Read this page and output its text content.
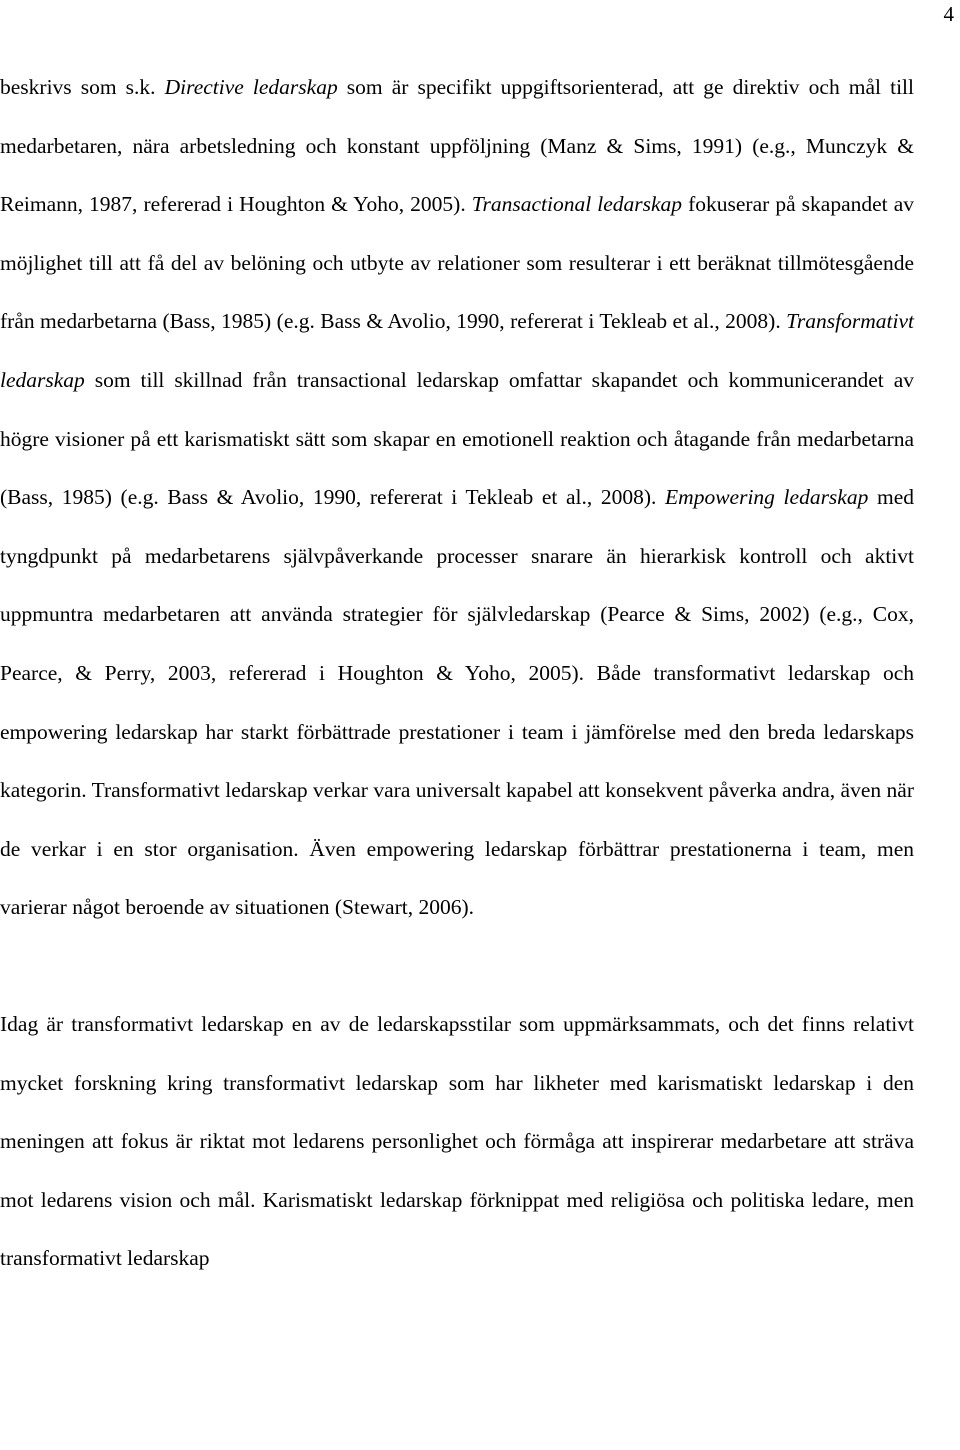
4

beskrivs som s.k. Directive ledarskap som är specifikt uppgiftsorienterad, att ge direktiv och mål till medarbetaren, nära arbetsledning och konstant uppföljning (Manz & Sims, 1991) (e.g., Munczyk & Reimann, 1987, refererad i Houghton & Yoho, 2005). Transactional ledarskap fokuserar på skapandet av möjlighet till att få del av belöning och utbyte av relationer som resulterar i ett beräknat tillmötesgående från medarbetarna (Bass, 1985) (e.g. Bass & Avolio, 1990, refererat i Tekleab et al., 2008). Transformativt ledarskap som till skillnad från transactional ledarskap omfattar skapandet och kommunicerandet av högre visioner på ett karismatiskt sätt som skapar en emotionell reaktion och åtagande från medarbetarna (Bass, 1985) (e.g. Bass & Avolio, 1990, refererat i Tekleab et al., 2008). Empowering ledarskap med tyngdpunkt på medarbetarens självpåverkande processer snarare än hierarkisk kontroll och aktivt uppmuntra medarbetaren att använda strategier för självledarskap (Pearce & Sims, 2002) (e.g., Cox, Pearce, & Perry, 2003, refererad i Houghton & Yoho, 2005). Både transformativt ledarskap och empowering ledarskap har starkt förbättrade prestationer i team i jämförelse med den breda ledarskaps kategorin. Transformativt ledarskap verkar vara universalt kapabel att konsekvent påverka andra, även när de verkar i en stor organisation. Även empowering ledarskap förbättrar prestationerna i team, men varierar något beroende av situationen (Stewart, 2006).

Idag är transformativt ledarskap en av de ledarskapsstilar som uppmärksammats, och det finns relativt mycket forskning kring transformativt ledarskap som har likheter med karismatiskt ledarskap i den meningen att fokus är riktat mot ledarens personlighet och förmåga att inspirerar medarbetare att sträva mot ledarens vision och mål. Karismatiskt ledarskap förknippat med religiösa och politiska ledare, men transformativt ledarskap
